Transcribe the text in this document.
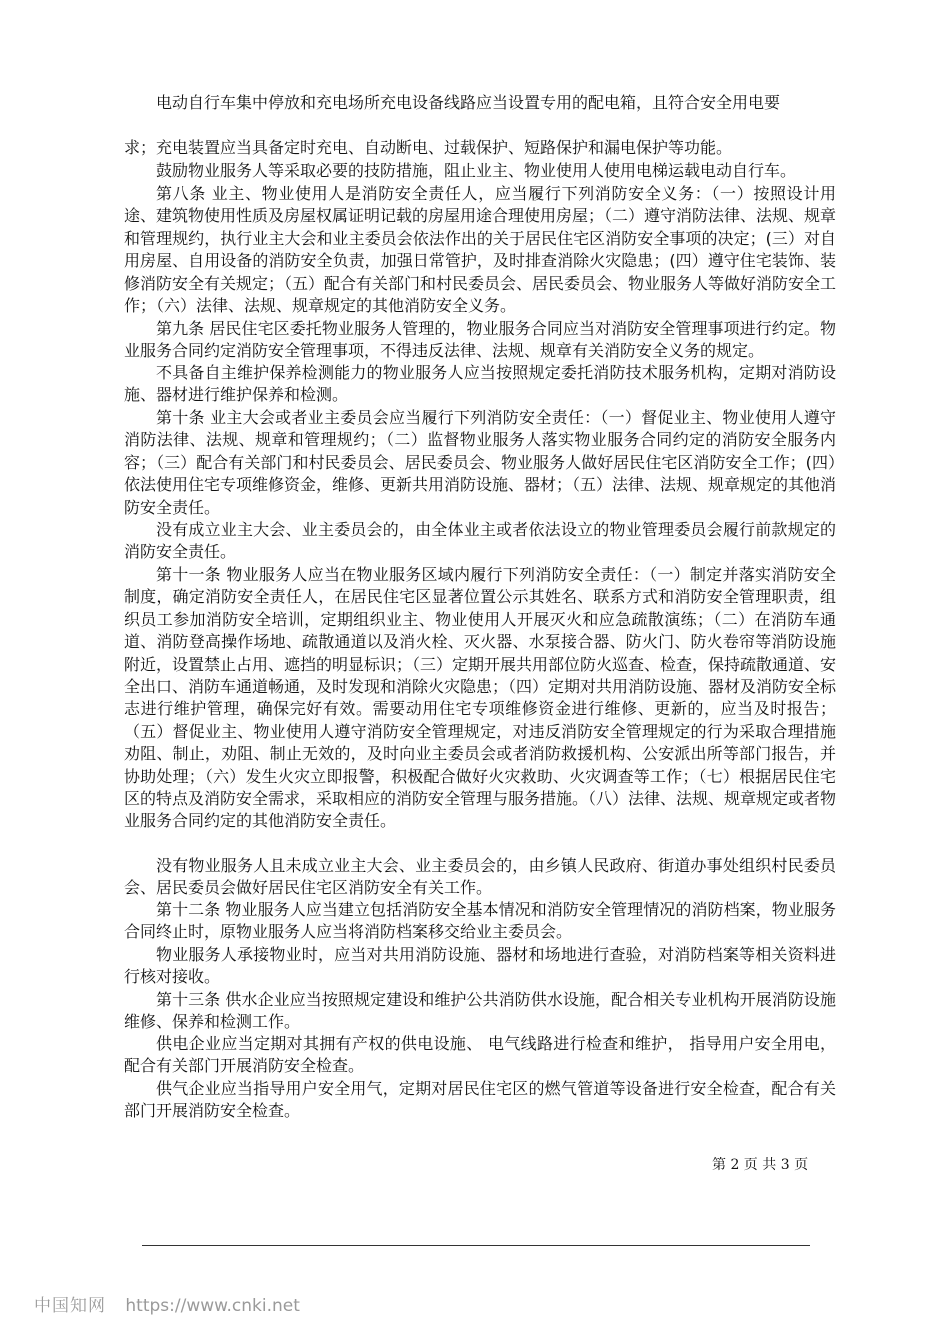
电动自行车集中停放和充电场所充电设备线路应当设置专用的配电箱，且符合安全用电要

求；充电装置应当具备定时充电、自动断电、过载保护、短路保护和漏电保护等功能。

鼓励物业服务人等采取必要的技防措施，阻止业主、物业使用人使用电梯运载电动自行车。

第八条 业主、物业使用人是消防安全责任人，应当履行下列消防安全义务：（一）按照设计用途、建筑物使用性质及房屋权属证明记载的房屋用途合理使用房屋；（二）遵守消防法律、法规、规章和管理规约，执行业主大会和业主委员会依法作出的关于居民住宅区消防安全事项的决定；(三）对自用房屋、自用设备的消防安全负责，加强日常管护，及时排查消除火灾隐患；(四）遵守住宅装饰、装修消防安全有关规定；（五）配合有关部门和村民委员会、居民委员会、物业服务人等做好消防安全工作；（六）法律、法规、规章规定的其他消防安全义务。

第九条 居民住宅区委托物业服务人管理的，物业服务合同应当对消防安全管理事项进行约定。物业服务合同约定消防安全管理事项，不得违反法律、法规、规章有关消防安全义务的规定。

不具备自主维护保养检测能力的物业服务人应当按照规定委托消防技术服务机构，定期对消防设施、器材进行维护保养和检测。

第十条 业主大会或者业主委员会应当履行下列消防安全责任：（一）督促业主、物业使用人遵守消防法律、法规、规章和管理规约；（二）监督物业服务人落实物业服务合同约定的消防安全服务内容；（三）配合有关部门和村民委员会、居民委员会、物业服务人做好居民住宅区消防安全工作；(四）依法使用住宅专项维修资金，维修、更新共用消防设施、器材；（五）法律、法规、规章规定的其他消防安全责任。

没有成立业主大会、业主委员会的，由全体业主或者依法设立的物业管理委员会履行前款规定的消防安全责任。

第十一条 物业服务人应当在物业服务区域内履行下列消防安全责任：（一）制定并落实消防安全制度，确定消防安全责任人，在居民住宅区显著位置公示其姓名、联系方式和消防安全管理职责，组织员工参加消防安全培训，定期组织业主、物业使用人开展灭火和应急疏散演练；（二）在消防车通道、消防登高操作场地、疏散通道以及消火栓、灭火器、水泵接合器、防火门、防火卷帘等消防设施附近，设置禁止占用、遮挡的明显标识；（三）定期开展共用部位防火巡查、检查，保持疏散通道、安全出口、消防车通道畅通，及时发现和消除火灾隐患；（四）定期对共用消防设施、器材及消防安全标志进行维护管理，确保完好有效。需要动用住宅专项维修资金进行维修、更新的，应当及时报告；（五）督促业主、物业使用人遵守消防安全管理规定，对违反消防安全管理规定的行为采取合理措施劝阻、制止，劝阻、制止无效的，及时向业主委员会或者消防救援机构、公安派出所等部门报告，并协助处理；（六）发生火灾立即报警，积极配合做好火灾救助、火灾调查等工作；（七）根据居民住宅区的特点及消防安全需求，采取相应的消防安全管理与服务措施。（八）法律、法规、规章规定或者物业服务合同约定的其他消防安全责任。

没有物业服务人且未成立业主大会、业主委员会的，由乡镇人民政府、街道办事处组织村民委员会、居民委员会做好居民住宅区消防安全有关工作。

第十二条 物业服务人应当建立包括消防安全基本情况和消防安全管理情况的消防档案，物业服务合同终止时，原物业服务人应当将消防档案移交给业主委员会。

物业服务人承接物业时，应当对共用消防设施、器材和场地进行查验，对消防档案等相关资料进行核对接收。

第十三条 供水企业应当按照规定建设和维护公共消防供水设施，配合相关专业机构开展消防设施维修、保养和检测工作。

供电企业应当定期对其拥有产权的供电设施、 电气线路进行检查和维护， 指导用户安全用电，配合有关部门开展消防安全检查。

供气企业应当指导用户安全用气，定期对居民住宅区的燃气管道等设备进行安全检查，配合有关部门开展消防安全检查。

第 2 页 共 3 页
中国知网 https://www.cnki.net
